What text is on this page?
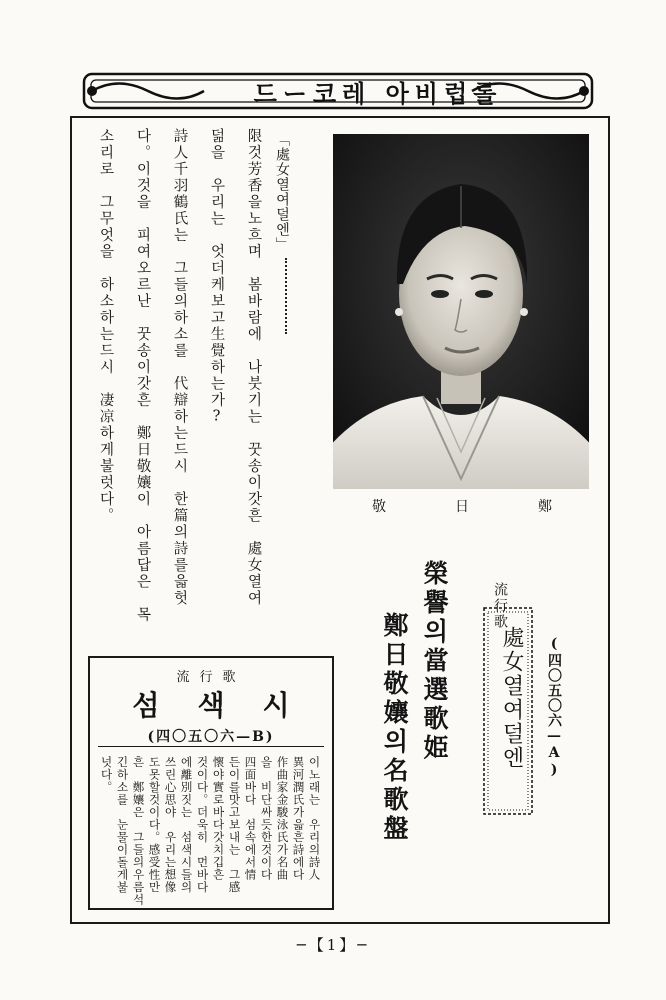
드ー코레 아비럽롤
「處女열여덜엔」
限것芳香을노흐며　봄바람에　나붓기는　꿋송이갓흔　處女열여
덞을　우리는　엇더케보고生覺하는가?
詩人千羽鶴氏는　그들의하소를　代辯하는드시　한篇의詩를읇헛
다。이것을　피여오르난　꿋송이갓흔　鄭日敬孃이　아름답은　목
소리로　그무엇을　하소하는드시　凄凉하게불럿다。	敬	日	鄭
流行歌
處女열여덜엔 (四〇五〇六—A)
榮譽의當選歌姫
鄭日敬孃의名歌盤
流行歌
섬색시
(四〇五〇六—B)
이노래는　우리의詩人
異河潤氏가읇흔詩에다
作曲家金駿泳氏가名曲
을　비단싸듯한것이다
四面바다　섬속에서情
든이를맛고보내는　그感
懷야實로바다갓치깁흔
것이다。더욱히　먼바다
에離別짓는　섬색시들의
쓰린心思야　우리는想像
도못할것이다。感受性만
흔　鄭孃은　그들의우름석
긴하소를　눈물이돌게불
넛다。
─【1】─
